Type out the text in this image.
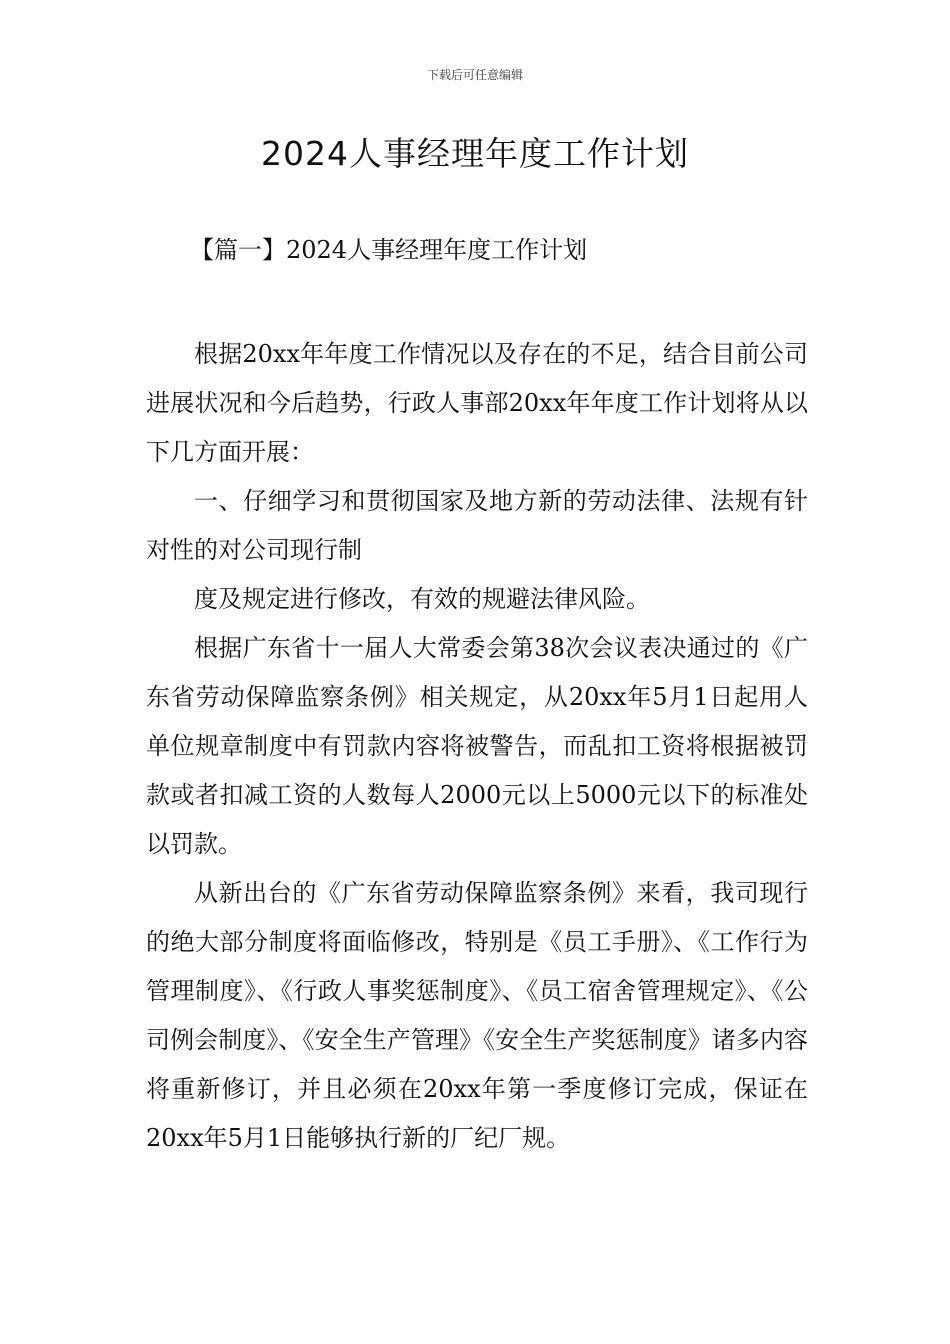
下载后可任意编辑
2024人事经理年度工作计划
【篇一】2024人事经理年度工作计划

根据20xx年年度工作情况以及存在的不足，结合目前公司进展状况和今后趋势，行政人事部20xx年年度工作计划将从以下几方面开展：

一、仔细学习和贯彻国家及地方新的劳动法律、法规有针对性的对公司现行制

度及规定进行修改，有效的规避法律风险。

根据广东省十一届人大常委会第38次会议表决通过的《广东省劳动保障监察条例》相关规定，从20xx年5月1日起用人单位规章制度中有罚款内容将被警告，而乱扣工资将根据被罚款或者扣减工资的人数每人2000元以上5000元以下的标准处以罚款。

从新出台的《广东省劳动保障监察条例》来看，我司现行的绝大部分制度将面临修改，特别是《员工手册》、《工作行为管理制度》、《行政人事奖惩制度》、《员工宿舍管理规定》、《公司例会制度》、《安全生产管理》《安全生产奖惩制度》诸多内容将重新修订，并且必须在20xx年第一季度修订完成，保证在20xx年5月1日能够执行新的厂纪厂规。
